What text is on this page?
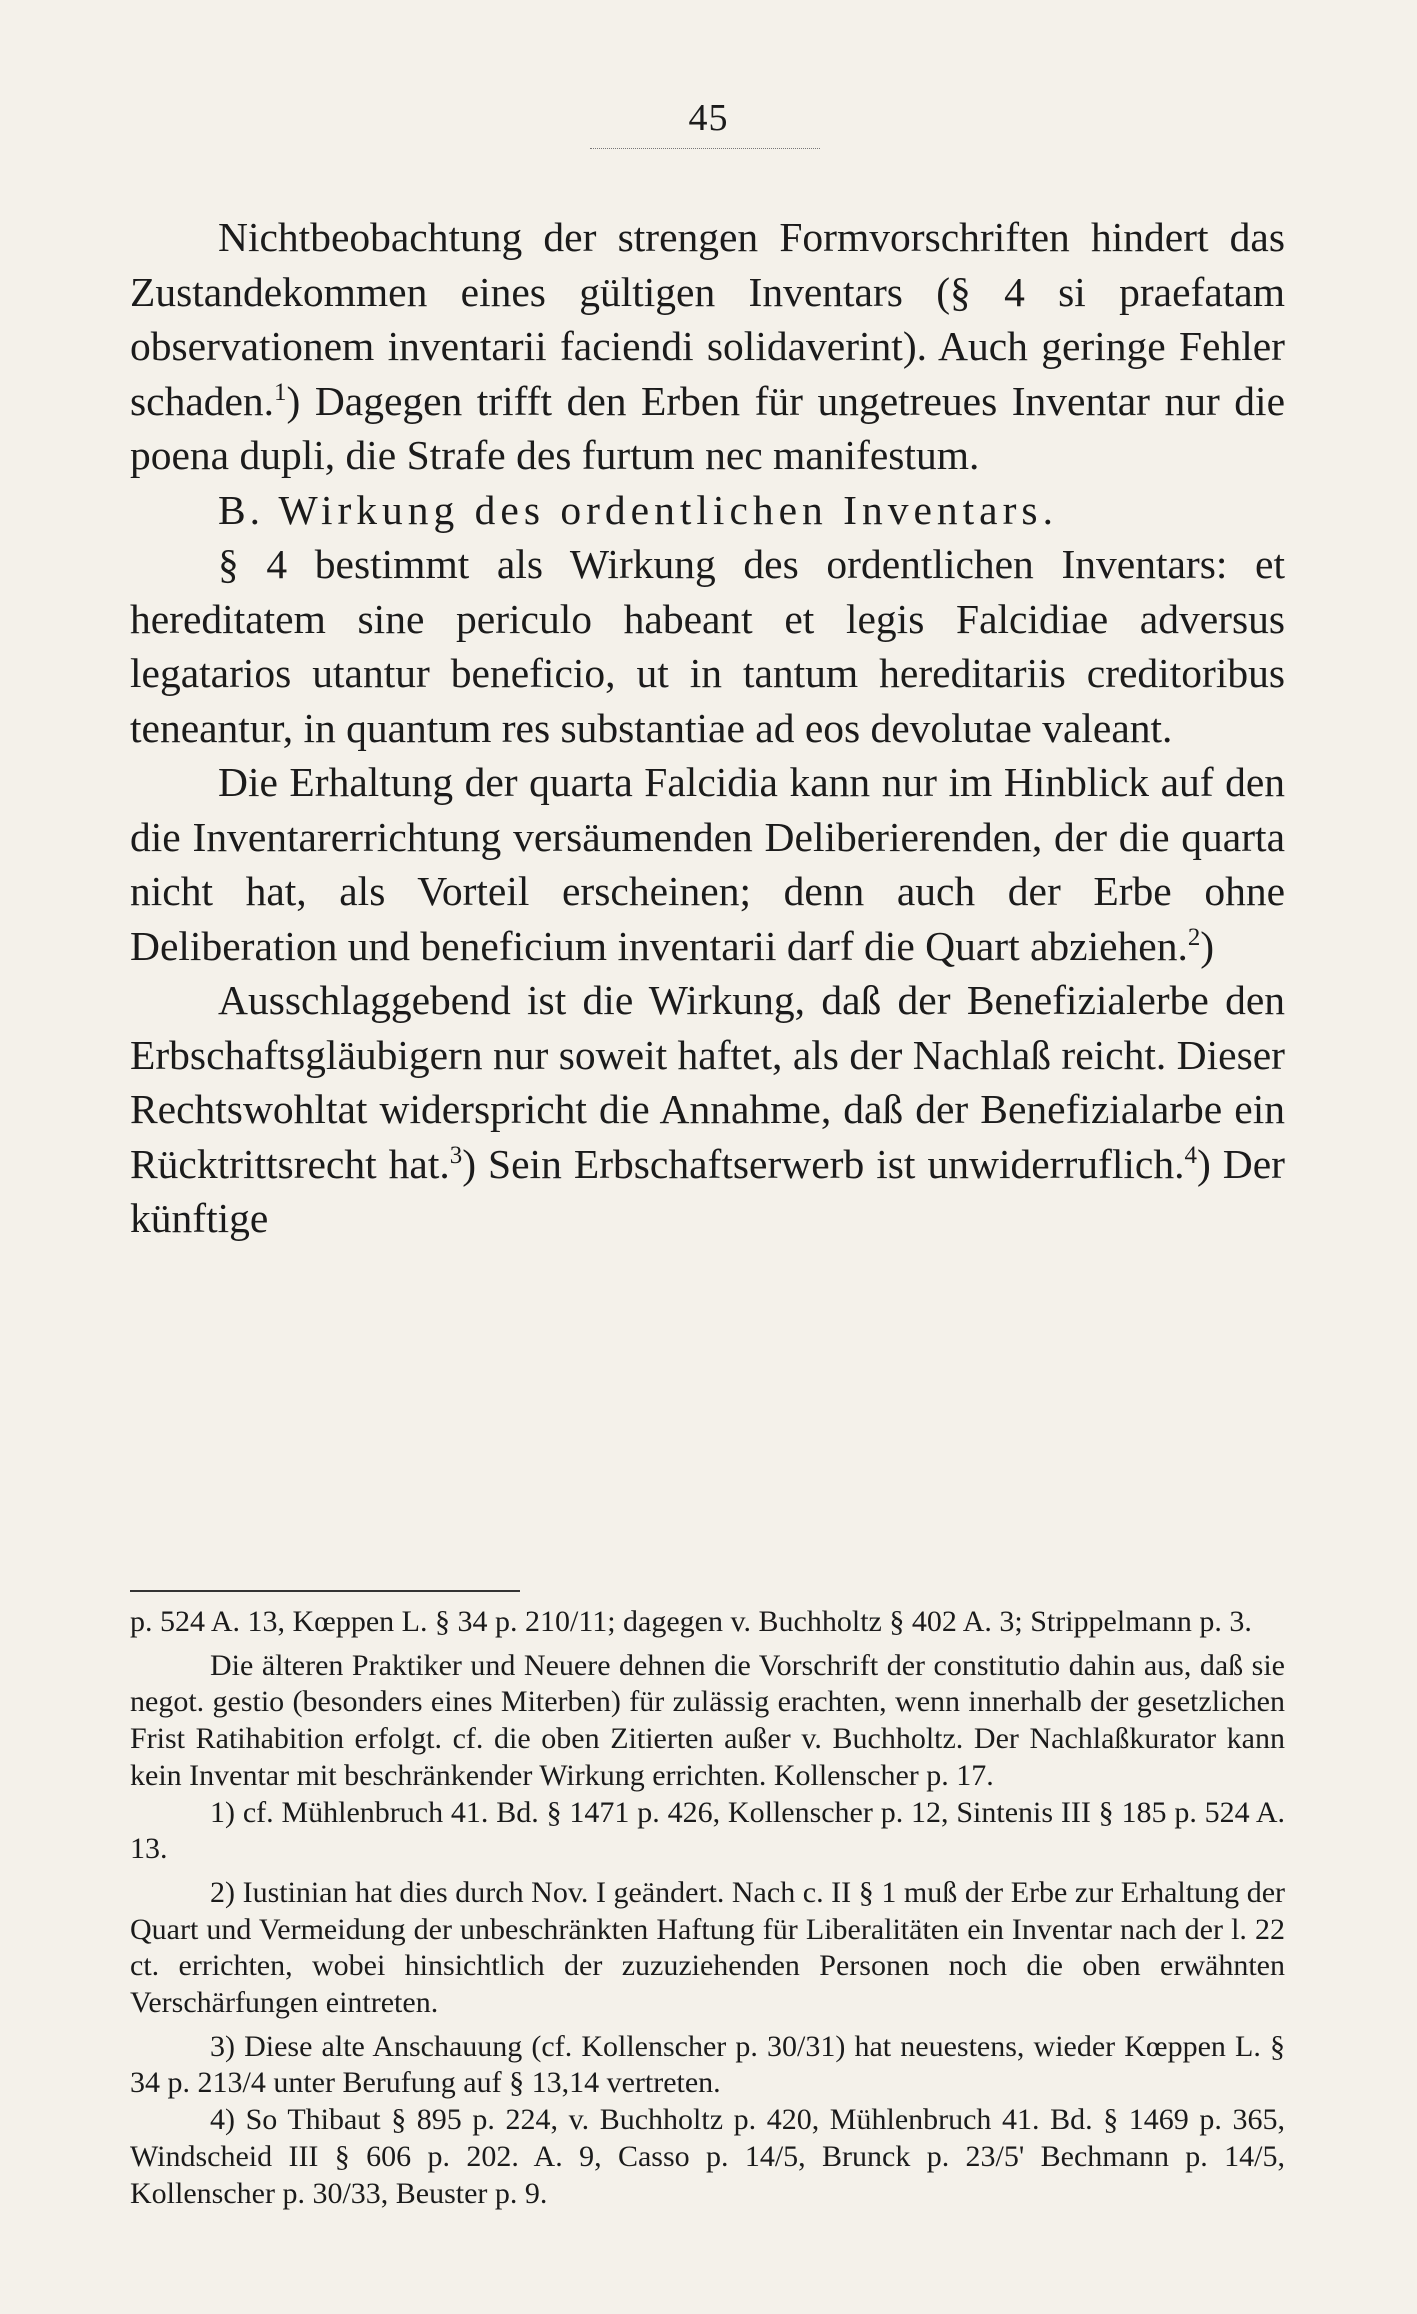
45

Nichtbeobachtung der strengen Formvorschriften hindert das Zustandekommen eines gültigen Inventars (§ 4 si praefatam observationem inventarii faciendi solidaverint). Auch geringe Fehler schaden.$^1$) Dagegen trifft den Erben für ungetreues Inventar nur die poena dupli, die Strafe des furtum nec manifestum.

B. Wirkung des ordentlichen Inventars.

§ 4 bestimmt als Wirkung des ordentlichen Inventars: et hereditatem sine periculo habeant et legis Falcidiae adversus legatarios utantur beneficio, ut in tantum hereditariis creditoribus teneantur, in quantum res substantiae ad eos devolutae valeant.

Die Erhaltung der quarta Falcidia kann nur im Hinblick auf den die Inventarerrichtung versäumenden Deliberierenden, der die quarta nicht hat, als Vorteil erscheinen; denn auch der Erbe ohne Deliberation und beneficium inventarii darf die Quart abziehen.$^2$)

Ausschlaggebend ist die Wirkung, daß der Benefizialerbe den Erbschaftsgläubigern nur soweit haftet, als der Nachlaß reicht. Dieser Rechtswohltat widerspricht die Annahme, daß der Benefizialarbe ein Rücktrittsrecht hat.$^3$) Sein Erbschaftserwerb ist unwiderruflich.$^4$) Der künftige

p. 524 A. 13, Kœppen L. § 34 p. 210/11; dagegen v. Buchholtz § 402 A. 3; Strippelmann p. 3.

Die älteren Praktiker und Neuere dehnen die Vorschrift der constitutio dahin aus, daß sie negot. gestio (besonders eines Miterben) für zulässig erachten, wenn innerhalb der gesetzlichen Frist Ratihabition erfolgt. cf. die oben Zitierten außer v. Buchholtz. Der Nachlaßkurator kann kein Inventar mit beschränkender Wirkung errichten. Kollenscher p. 17.

1) cf. Mühlenbruch 41. Bd. § 1471 p. 426, Kollenscher p. 12, Sintenis III § 185 p. 524 A. 13.

2) Iustinian hat dies durch Nov. I geändert. Nach c. II § 1 muß der Erbe zur Erhaltung der Quart und Vermeidung der unbeschränkten Haftung für Liberalitäten ein Inventar nach der l. 22 ct. errichten, wobei hinsichtlich der zuzuziehenden Personen noch die oben erwähnten Verschärfungen eintreten.

3) Diese alte Anschauung (cf. Kollenscher p. 30/31) hat neuestens, wieder Kœppen L. § 34 p. 213/4 unter Berufung auf § 13,14 vertreten.

4) So Thibaut § 895 p. 224, v. Buchholtz p. 420, Mühlenbruch 41. Bd. § 1469 p. 365, Windscheid III § 606 p. 202. A. 9, Casso p. 14/5, Brunck p. 23/5' Bechmann p. 14/5, Kollenscher p. 30/33, Beuster p. 9.
